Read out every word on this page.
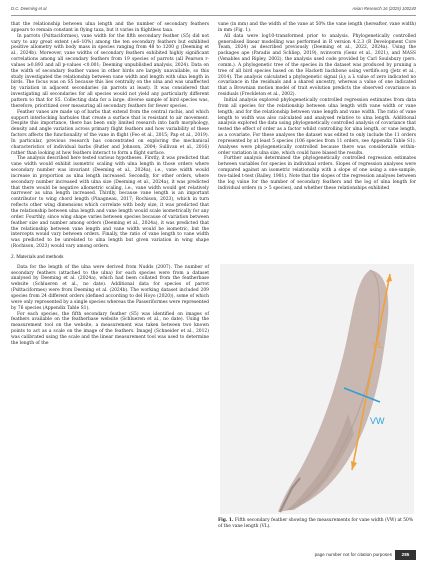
D.C. Deeming et al.	Avian Research 16 (2025) 100240

that the relationship between ulna length and the number of secondary feathers appears to remain constant in flying taxa, but it varies in flightless taxa.

In parrots (Psittaciformes), vane width for the fifth secondary feather (S5) did not vary to any great extent (±6–10%) among the ten secondary feathers but exhibited positive allometry with body mass in species ranging from 48 to 1200 g (Deeming et al., 2024b). Moreover, vane widths of secondary feathers exhibited highly significant correlations among all secondary feathers from 19 species of parrots (all Pearson r-values ≥0.893 and all p-values <0.001; Deeming unpublished analysis, 2024). Data on the width of secondary feather vanes in other birds are largely unavailable, so this study investigated the relationship between vane width and length with ulna length in birds. The focus was on S5 because this lies centrally on the ulna and was unaffected by variation in adjacent secondaries (in parrots at least). It was considered that investigating all secondaries for all species would not yield any particularly different pattern to that for S5. Collecting data for a large, diverse sample of bird species was, therefore, prioritized over measuring all secondary feathers for fewer species.

Feather vanes are made up of barbs that extend from the central rachis, and which support interlocking barbules that create a surface that is resistant to air movement. Despite this importance, there has been only limited research into barb morphology, density and angle variation across primary flight feathers and how variability of these factors affects the functionality of the vane in flight (Feo et al., 2015; Pap et al., 2019). In particular, previous research has concentrated on exploring the mechanical characteristics of individual barbs (Butler and Johnson, 2004; Sullivan et al., 2016) rather than looking at how feathers interact to form a flight surface.

The analysis described here tested various hypotheses. Firstly, it was predicted that vane width would exhibit isometric scaling with ulna length in those orders where secondary number was invariant (Deeming et al., 2024a), i.e., vane width would increase in proportion as ulna length increased. Secondly, for other orders, where secondary number increased with ulna size (Deeming et al., 2024a), it was predicted that there would be negative allometric scaling, i.e., vane width would get relatively narrower as ulna length increased. Thirdly, because vane length is an important contributor to wing chord length (Pinagneau, 2017; Rochison, 2023), which in turn reflects other wing dimensions which correlate with body size, it was predicted that the relationship between ulna length and vane length would scale isometrically for any order. Fourthly, since wing shape varies between species because of variation between feather size and number among orders (Deeming et al., 2024a), it was predicted that the relationship between vane length and vane width would be isometric, but the intercepts would vary between orders. Finally, the ratio of vane length to vane width was predicted to be unrelated to ulna length but given variation in wing shape (Rochison, 2023) would vary among orders.

2. Materials and methods

Data for the length of the ulna were derived from Nudds (2007). The number of secondary feathers (attached to the ulna) for each species were from a dataset analysed by Deeming et al. (2024a), which had been collated from the featherbase website (Schlueren et al., no date). Additional data for species of parrot (Psittaciformes) were from Deeming et al. (2024b). The working dataset included 209 species from 24 different orders (defined according to del Hoyo (2020)), some of which were only represented by a single species whereas the Passeriformes were represented by 76 species (Appendix Table S1).

For each species, the fifth secondary feather (S5) was identified on images of feathers available on the featherbase website (Schlueren et al., no date). Using the measurement tool on the website, a measurement was taken between two known points to act as a scale on the image of the feathers. ImageJ (Schneider et al., 2012) was calibrated using the scale and the linear measurement tool was used to determine the length of the

vane (in mm) and the width of the vane at 50% the vane length (hereafter, vane width) in mm (Fig. 1).

All data were log10-transformed prior to analysis. Phylogenetically controlled generalised linear modelling was performed in R version 4.2.3 (R Development Core Team, 2024) as described previously (Deeming et al., 2022, 2024a). Using the packages ape (Paradis and Schliep, 2019), nvinvorm (Genz et al., 2021), and MASS (Venables and Ripley, 2002), the analysis used code provided by Carl Soulsbury (pers. comm.). A phylogenetic tree of the species in the dataset was produced by pruning a tree of all bird species based on the Hackett backbone using vertlife.org (Jetz et al., 2014). The analysis calculated a phylogenetic signal (λ); a λ value of zero indicated no covariance in the residuals and a shared ancestry, whereas a value of one indicated that a Brownian motion model of trait evolution predicts the observed covariance in residuals (Freckleton et al., 2002).

Initial analysis explored phylogenetically controlled regression estimates from data from all species for the relationship between ulna length with vane width or vane length; and for the relationship between vane length and vane width. The ratio of vane length to width was also calculated and analysed relative to ulna length. Additional analysis explored the data using phylogenetically controlled analysis of covariance that tested the effect of order as a factor whilst controlling for ulna length, or vane length, as a covariate. For these analyses the dataset was edited to only include the 11 orders represented by at least 5 species (106 species from 11 orders, see Appendix Table S1). Analyses were phylogenetically controlled because there was considerable within-order variation in ulna size, which could have biased the results.

Further analysis determined the phylogenetically controlled regression estimates between variables for species in individual orders. Slopes of regression analyses were compared against an isometric relationship with a slope of one using a one-sample, two-tailed t-test (Bailey, 1981). Note that the slopes of the regression analyses between the log value for the number of secondary feathers and the log of ulna length for individual orders (n > 5 species), and whether these relationships exhibited

VL
VW
Fig. 1. Fifth secondary feather showing the measurements for vane width (VW) at 50% of the vane length (VL).
page number not for citation purposes	285
